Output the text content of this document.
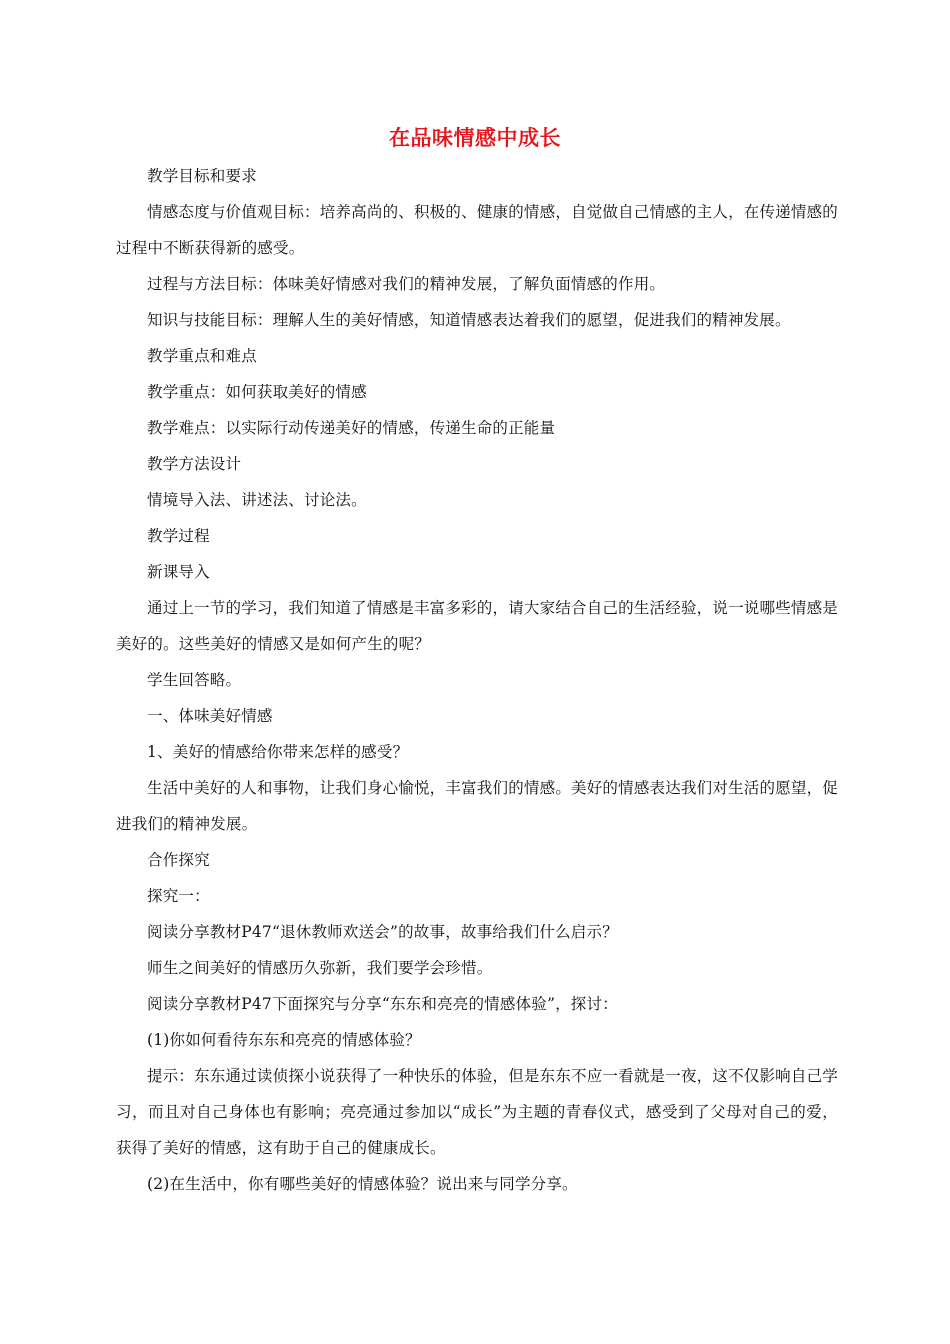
在品味情感中成长

教学目标和要求

情感态度与价值观目标：培养高尚的、积极的、健康的情感，自觉做自己情感的主人，在传递情感的过程中不断获得新的感受。

过程与方法目标：体味美好情感对我们的精神发展，了解负面情感的作用。

知识与技能目标：理解人生的美好情感，知道情感表达着我们的愿望，促进我们的精神发展。

教学重点和难点

教学重点：如何获取美好的情感

教学难点：以实际行动传递美好的情感，传递生命的正能量

教学方法设计

情境导入法、讲述法、讨论法。

教学过程

新课导入

通过上一节的学习，我们知道了情感是丰富多彩的，请大家结合自己的生活经验，说一说哪些情感是美好的。这些美好的情感又是如何产生的呢？

学生回答略。

一、体味美好情感

1、美好的情感给你带来怎样的感受？

生活中美好的人和事物，让我们身心愉悦，丰富我们的情感。美好的情感表达我们对生活的愿望，促进我们的精神发展。

合作探究

探究一：

阅读分享教材P47“退休教师欢送会”的故事，故事给我们什么启示？

师生之间美好的情感历久弥新，我们要学会珍惜。

阅读分享教材P47下面探究与分享“东东和亮亮的情感体验”，探讨：

(1)你如何看待东东和亮亮的情感体验？

提示：东东通过读侦探小说获得了一种快乐的体验，但是东东不应一看就是一夜，这不仅影响自己学习，而且对自己身体也有影响；亮亮通过参加以“成长”为主题的青春仪式，感受到了父母对自己的爱，获得了美好的情感，这有助于自己的健康成长。

(2)在生活中，你有哪些美好的情感体验？说出来与同学分享。
